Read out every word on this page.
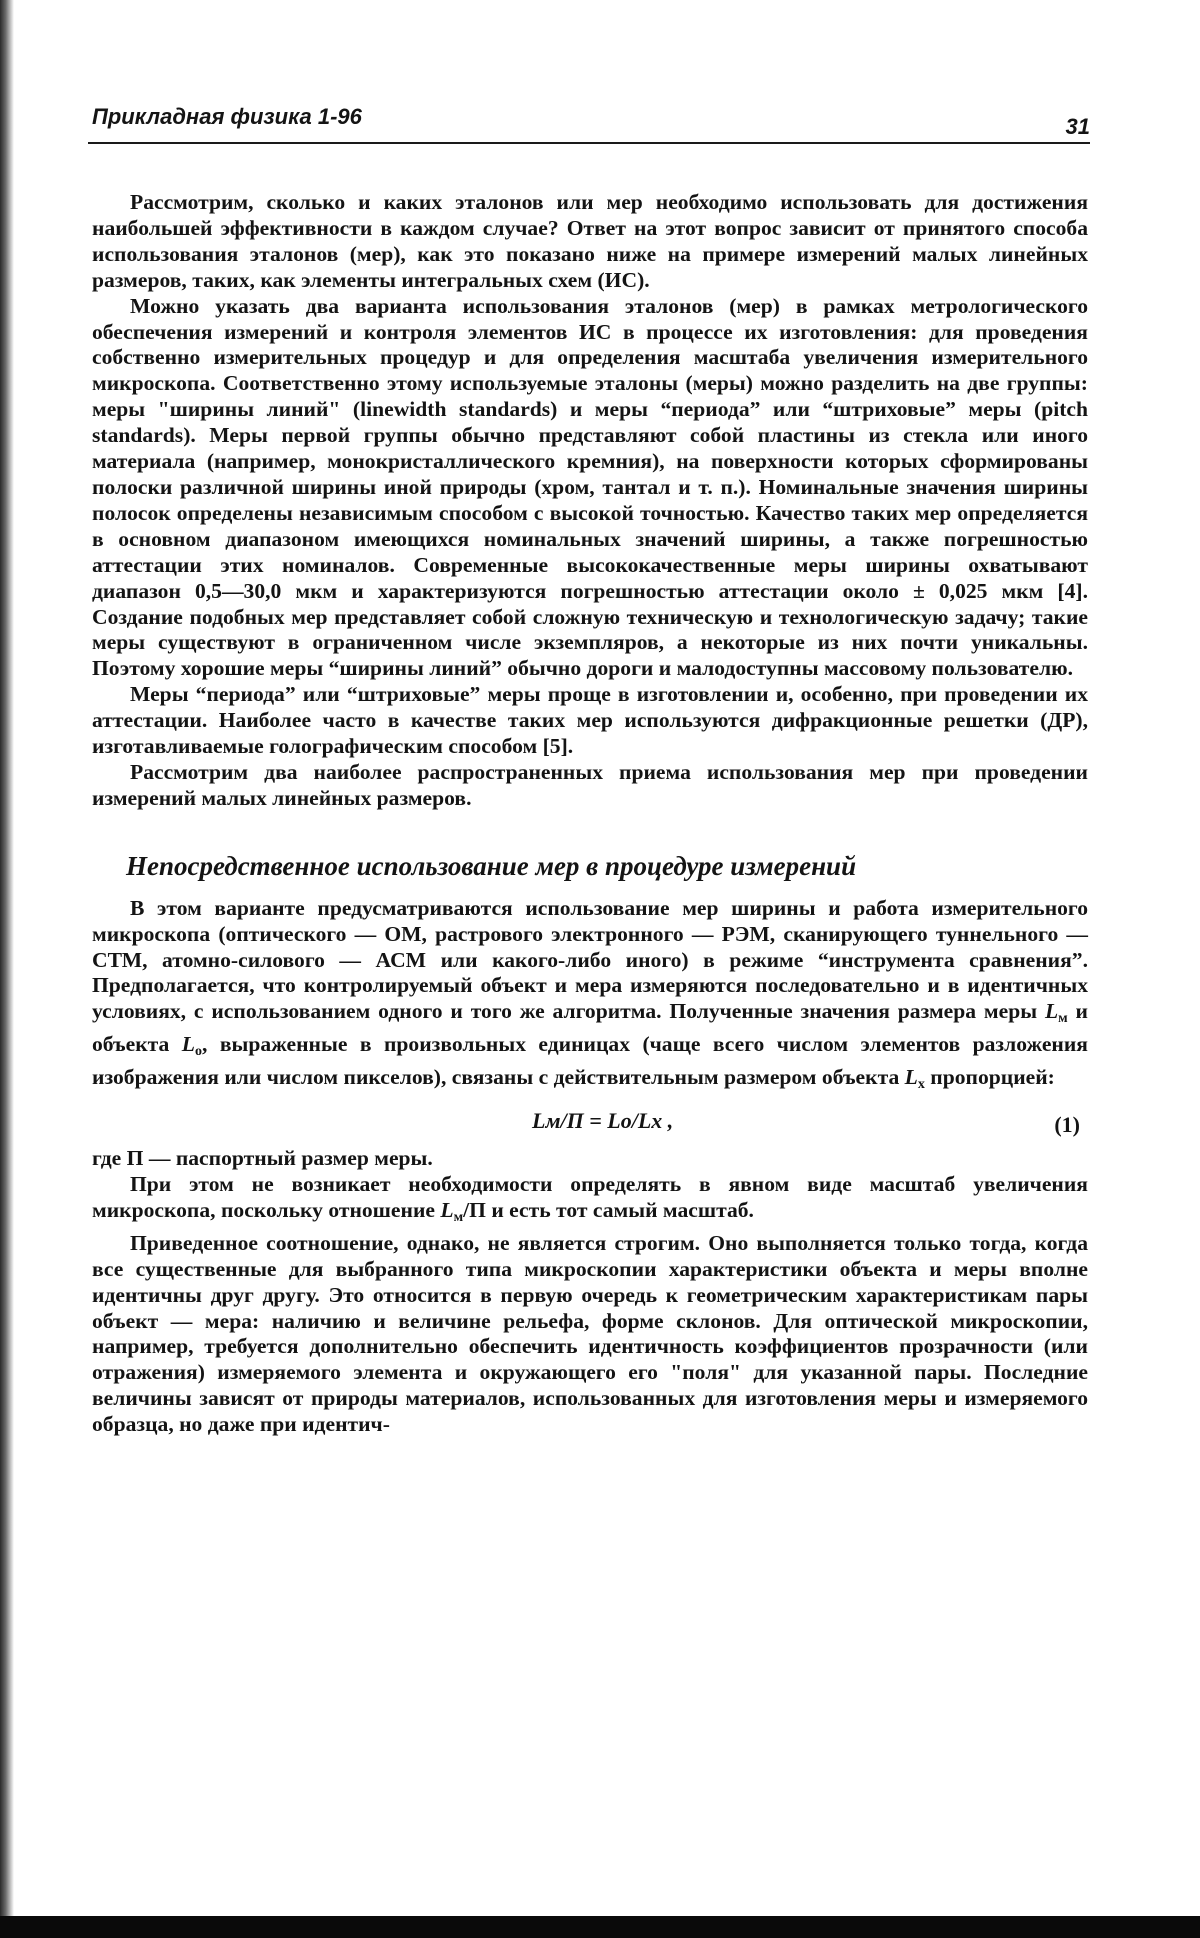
Прикладная физика 1-96	31

Рассмотрим, сколько и каких эталонов или мер необходимо использовать для достижения наибольшей эффективности в каждом случае? Ответ на этот вопрос зависит от принятого способа использования эталонов (мер), как это показано ниже на примере измерений малых линейных размеров, таких, как элементы интегральных схем (ИС).

Можно указать два варианта использования эталонов (мер) в рамках метрологического обеспечения измерений и контроля элементов ИС в процессе их изготовления: для проведения собственно измерительных процедур и для определения масштаба увеличения измерительного микроскопа. Соответственно этому используемые эталоны (меры) можно разделить на две группы: меры "ширины линий" (linewidth standards) и меры “периода” или “штриховые” меры (pitch standards). Меры первой группы обычно представляют собой пластины из стекла или иного материала (например, монокристаллического кремния), на поверхности которых сформированы полоски различной ширины иной природы (хром, тантал и т. п.). Номинальные значения ширины полосок определены независимым способом с высокой точностью. Качество таких мер определяется в основном диапазоном имеющихся номинальных значений ширины, а также погрешностью аттестации этих номиналов. Современные высококачественные меры ширины охватывают диапазон 0,5—30,0 мкм и характеризуются погрешностью аттестации около ± 0,025 мкм [4]. Создание подобных мер представляет собой сложную техническую и технологическую задачу; такие меры существуют в ограниченном числе экземпляров, а некоторые из них почти уникальны. Поэтому хорошие меры “ширины линий” обычно дороги и малодоступны массовому пользователю.

Меры “периода” или “штриховые” меры проще в изготовлении и, особенно, при проведении их аттестации. Наиболее часто в качестве таких мер используются дифракционные решетки (ДР), изготавливаемые голографическим способом [5].

Рассмотрим два наиболее распространенных приема использования мер при проведении измерений малых линейных размеров.

Непосредственное использование мер в процедуре измерений

В этом варианте предусматриваются использование мер ширины и работа измерительного микроскопа (оптического — ОМ, растрового электронного — РЭМ, сканирующего туннельного — СТМ, атомно-силового — АСМ или какого-либо иного) в режиме “инструмента сравнения”. Предполагается, что контролируемый объект и мера измеряются последовательно и в идентичных условиях, с использованием одного и того же алгоритма. Полученные значения размера меры $L_м$ и объекта $L_о$, выраженные в произвольных единицах (чаще всего числом элементов разложения изображения или числом пикселов), связаны с действительным размером объекта $L_x$ пропорцией:

Lм/П = Lо/Lх ,	(1)

где П — паспортный размер меры.

При этом не возникает необходимости определять в явном виде масштаб увеличения микроскопа, поскольку отношение $L_м/П$ и есть тот самый масштаб.

Приведенное соотношение, однако, не является строгим. Оно выполняется только тогда, когда все существенные для выбранного типа микроскопии характеристики объекта и меры вполне идентичны друг другу. Это относится в первую очередь к геометрическим характеристикам пары объект — мера: наличию и величине рельефа, форме склонов. Для оптической микроскопии, например, требуется дополнительно обеспечить идентичность коэффициентов прозрачности (или отражения) измеряемого элемента и окружающего его "поля" для указанной пары. Последние величины зависят от природы материалов, использованных для изготовления меры и измеряемого образца, но даже при идентич-
